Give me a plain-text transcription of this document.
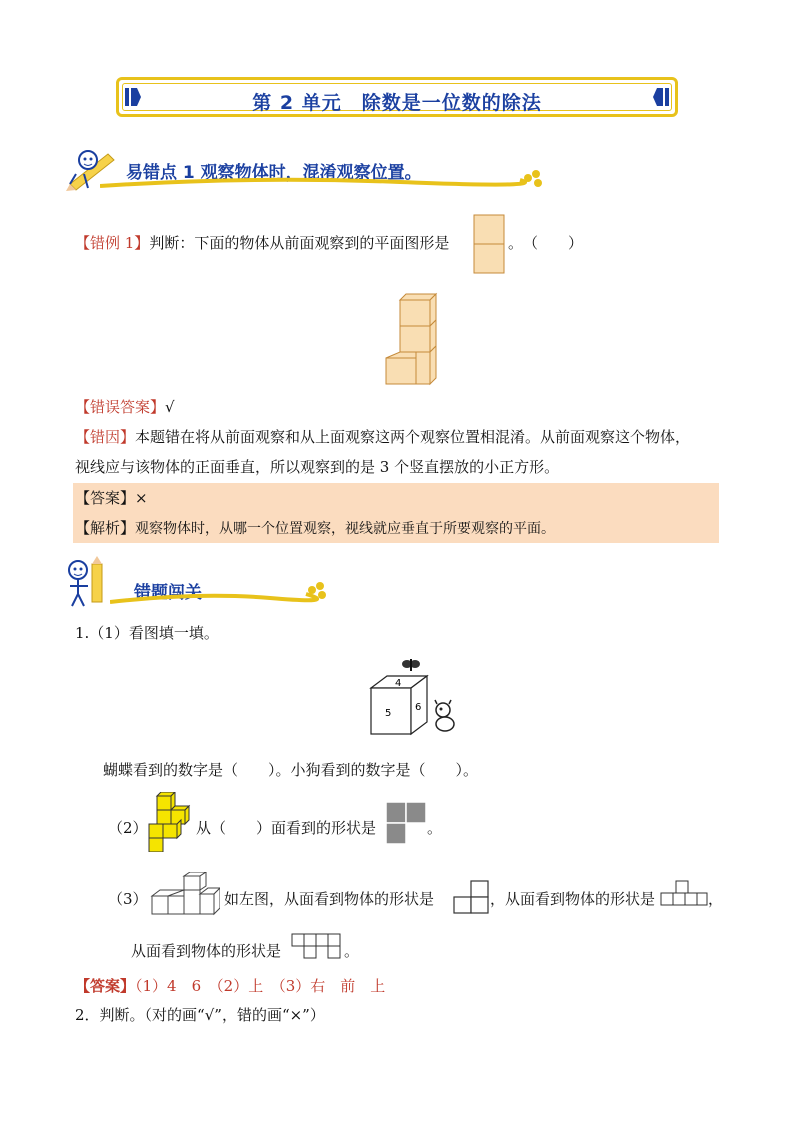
第 2 单元　除数是一位数的除法
易错点 1 观察物体时，混淆观察位置。
【错例 1】判断：下面的物体从前面观察到的平面图形是	。　（　　）
【错误答案】√
【错因】本题错在将从前面观察和从上面观察这两个观察位置相混淆。从前面观察这个物体，
视线应与该物体的正面垂直，所以观察到的是 3 个竖直摆放的小正方形。
【答案】×
【解析】观察物体时，从哪一个位置观察，视线就应垂直于所要观察的平面。
错题闯关
1.（1）看图填一填。
4
5
6
蝴蝶看到的数字是（　　）。小狗看到的数字是（　　）。
（2）	从（　　）面看到的形状是	。
（3）	如左图，从面看到物体的形状是	，从面看到物体的形状是	，
从面看到物体的形状是	。
【答案】（1）4　6　（2）上　（3）右　前　上
2．判断。（对的画“√”，错的画“×”）
